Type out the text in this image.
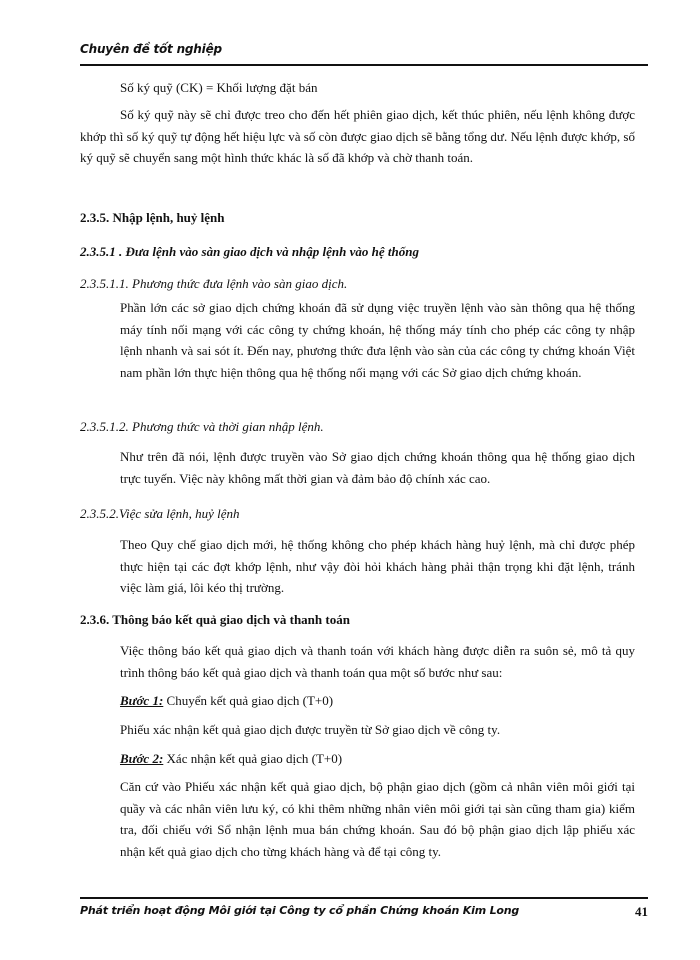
Chuyên đề tốt nghiệp

Số ký quỹ (CK) = Khối lượng đặt bán

Số ký quỹ này sẽ chỉ được treo cho đến hết phiên giao dịch, kết thúc phiên, nếu lệnh không được khớp thì số ký quỹ tự động hết hiệu lực và số còn được giao dịch sẽ bằng tổng dư. Nếu lệnh được khớp, số ký quỹ sẽ chuyển sang một hình thức khác là số đã khớp và chờ thanh toán.

2.3.5. Nhập lệnh, huỷ lệnh

2.3.5.1 . Đưa lệnh vào sàn giao dịch và nhập lệnh vào hệ thống

2.3.5.1.1. Phương thức đưa lệnh vào sàn giao dịch.

Phần lớn các sở giao dịch chứng khoán đã sử dụng việc truyền lệnh vào sàn thông qua hệ thống máy tính nối mạng với các công ty chứng khoán, hệ thống máy tính cho phép các công ty nhập lệnh nhanh và sai sót ít. Đến nay, phương thức đưa lệnh vào sàn của các công ty chứng khoán Việt nam phần lớn thực hiện thông qua hệ thống nối mạng với các Sở giao dịch chứng khoán.

2.3.5.1.2. Phương thức và thời gian nhập lệnh.

Như trên đã nói, lệnh được truyền vào Sở giao dịch chứng khoán thông qua hệ thống giao dịch trực tuyến. Việc này không mất thời gian và đảm bảo độ chính xác cao.

2.3.5.2.Việc sửa lệnh, huỷ lệnh

Theo Quy chế giao dịch mới, hệ thống không cho phép khách hàng huỷ lệnh, mà chỉ được phép thực hiện tại các đợt khớp lệnh, như vậy đòi hỏi khách hàng phải thận trọng khi đặt lệnh, tránh việc làm giá, lôi kéo thị trường.

2.3.6. Thông báo kết quả giao dịch và thanh toán

Việc thông báo kết quả giao dịch và thanh toán với khách hàng được diễn ra suôn sẻ, mô tả quy trình thông báo kết quả giao dịch và thanh toán qua một số bước như sau:

Bước 1: Chuyển kết quả giao dịch (T+0)

Phiếu xác nhận kết quả giao dịch được truyền từ Sở giao dịch về công ty.

Bước 2: Xác nhận kết quả giao dịch (T+0)

Căn cứ vào Phiếu xác nhận kết quả giao dịch, bộ phận giao dịch (gồm cả nhân viên môi giới tại quầy và các nhân viên lưu ký, có khi thêm những nhân viên môi giới tại sàn cũng tham gia) kiểm tra, đối chiếu với Sổ nhận lệnh mua bán chứng khoán. Sau đó bộ phận giao dịch lập phiếu xác nhận kết quả giao dịch cho từng khách hàng và để tại công ty.

Phát triển hoạt động Môi giới tại Công ty cổ phần Chứng khoán Kim Long	41
